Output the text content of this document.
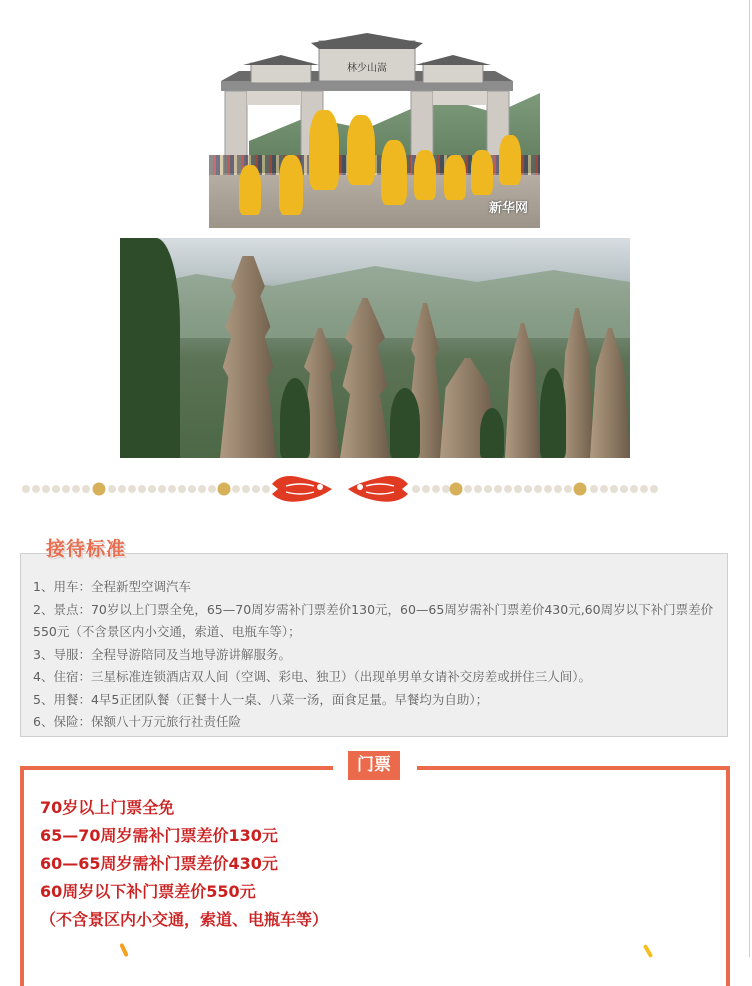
林少山嵩
新华网
1、用车：全程新型空调汽车
2、景点：70岁以上门票全免，65—70周岁需补门票差价130元，60—65周岁需补门票差价430元,60周岁以下补门票差价550元（不含景区内小交通，索道、电瓶车等）；
3、导服：全程导游陪同及当地导游讲解服务。
4、住宿：三星标准连锁酒店双人间（空调、彩电、独卫）（出现单男单女请补交房差或拼住三人间）。
5、用餐：4早5正团队餐（正餐十人一桌、八菜一汤，面食足量。早餐均为自助）；
6、保险：保额八十万元旅行社责任险
接待标准
门票
70岁以上门票全免
65—70周岁需补门票差价130元
60—65周岁需补门票差价430元
60周岁以下补门票差价550元
（不含景区内小交通，索道、电瓶车等）
